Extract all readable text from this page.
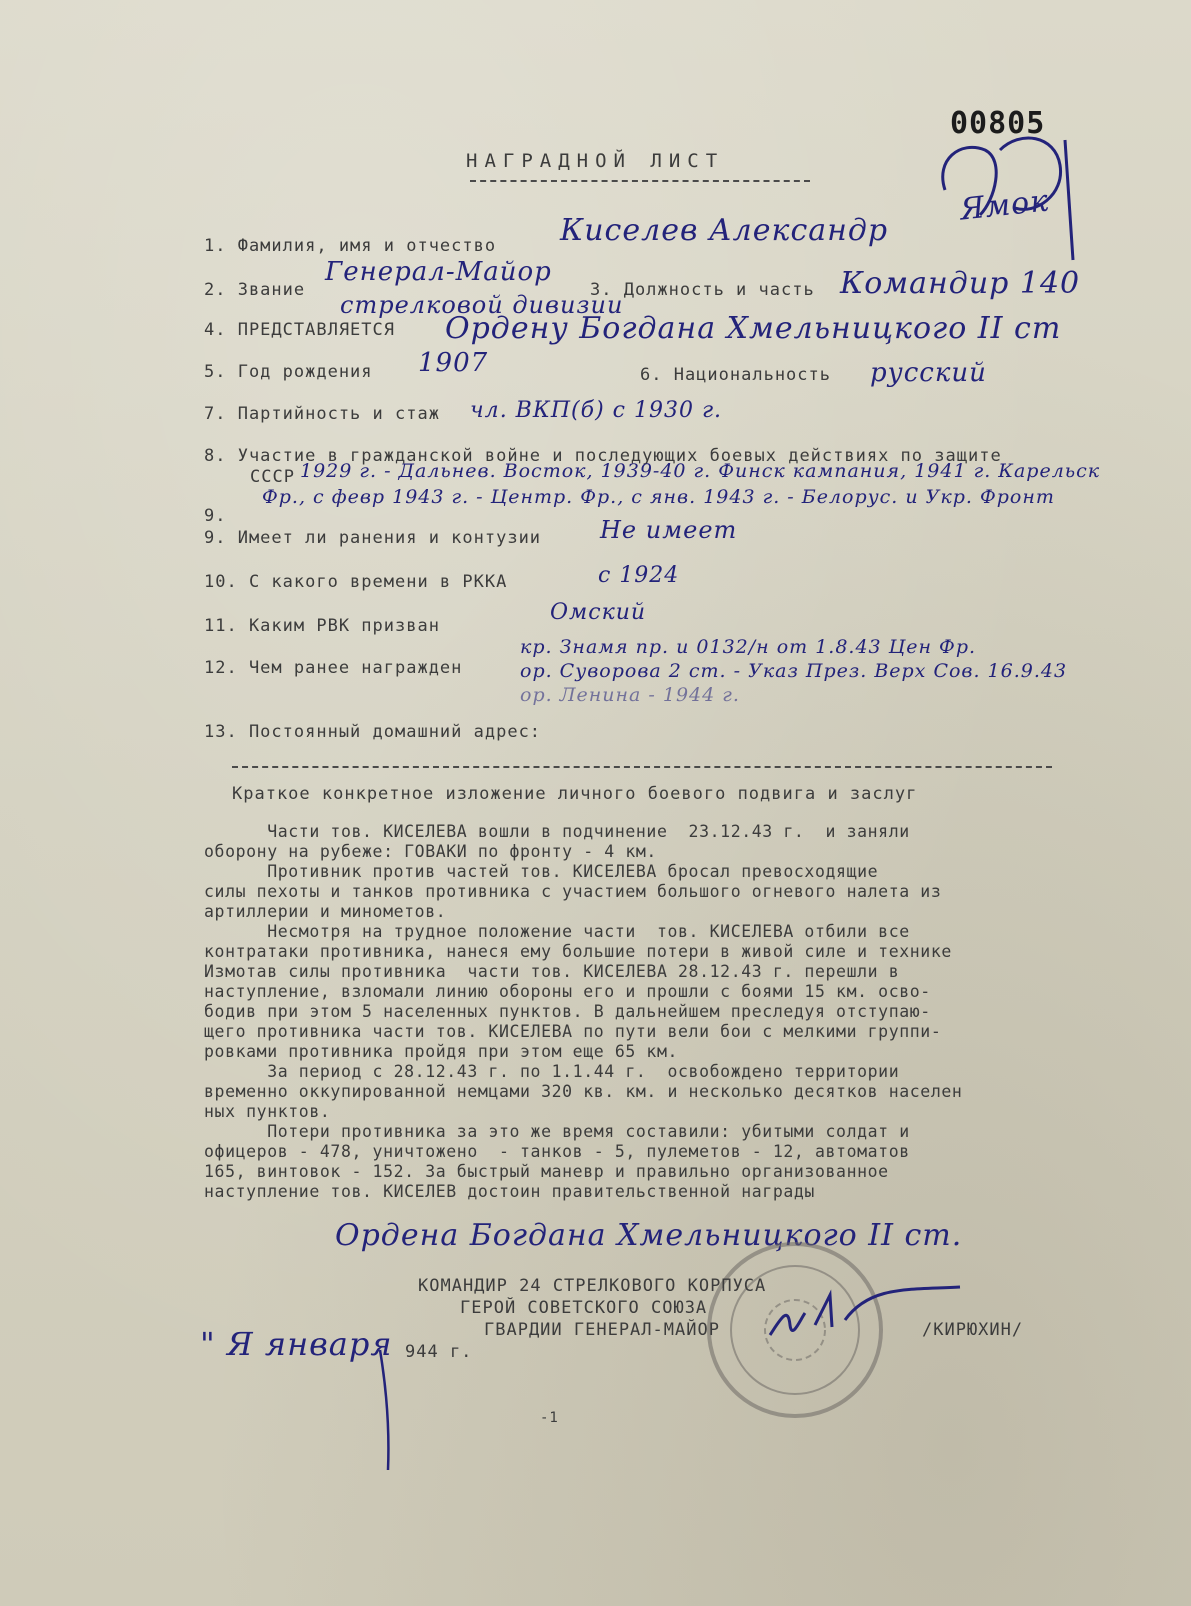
00805
Ямок
НАГРАДНОЙ ЛИСТ
1. Фамилия, имя и отчество Киселев Александр
2. Звание
Генерал-Майор
3. Должность и часть Командир 140
стрелковой дивизии
4. ПРЕДСТАВЛЯЕТСЯ Ордену Богдана Хмельницкого II ст
5. Год рождения 1907	6. Национальность русский
7. Партийность и стаж чл. ВКП(б) с 1930 г.
8. Участие в гражданской войне и последующих боевых действиях по защите
СССР 1929 г. - Дальнев. Восток, 1939-40 г. Финск кампания, 1941 г. Карельск
Фр., с февр 1943 г. - Центр. Фр., с янв. 1943 г. - Белорус. и Укр. Фронт
9.
9. Имеет ли ранения и контузии Не имеет
10. С какого времени в РККА	с 1924
11. Каким РВК призван
Омский
12. Чем ранее награжден
кр. Знамя пр. и 0132/н от 1.8.43 Цен Фр.
ор. Суворова 2 ст. - Указ През. Верх Сов. 16.9.43
ор. Ленина - 1944 г.
13. Постоянный домашний адрес:
Краткое конкретное изложение личного боевого подвига и заслуг
Части тов. КИСЕЛЕВА вошли в подчинение  23.12.43 г.  и заняли
оборону на рубеже: ГОВАКИ по фронту - 4 км.
Противник против частей тов. КИСЕЛЕВА бросал превосходящие
силы пехоты и танков противника с участием большого огневого налета из
артиллерии и минометов.
Несмотря на трудное положение части  тов. КИСЕЛЕВА отбили все
контратаки противника, нанеся ему большие потери в живой силе и технике
Измотав силы противника  части тов. КИСЕЛЕВА 28.12.43 г. перешли в
наступление, взломали линию обороны его и прошли с боями 15 км. осво-
бодив при этом 5 населенных пунктов. В дальнейшем преследуя отступаю-
щего противника части тов. КИСЕЛЕВА по пути вели бои с мелкими группи-
ровками противника пройдя при этом еще 65 км.
За период с 28.12.43 г. по 1.1.44 г.  освобождено территории
временно оккупированной немцами 320 кв. км. и несколько десятков населен
ных пунктов.
Потери противника за это же время составили: убитыми солдат и
офицеров - 478, уничтожено  - танков - 5, пулеметов - 12, автоматов
165, винтовок - 152. За быстрый маневр и правильно организованное
наступление тов. КИСЕЛЕВ достоин правительственной награды
Ордена Богдана Хмельницкого II ст.
КОМАНДИР 24 СТРЕЛКОВОГО КОРПУСА
ГЕРОЙ СОВЕТСКОГО СОЮЗА
ГВАРДИИ ГЕНЕРАЛ-МАЙОР	/КИРЮХИН/
" Я января 944 г.
-1
